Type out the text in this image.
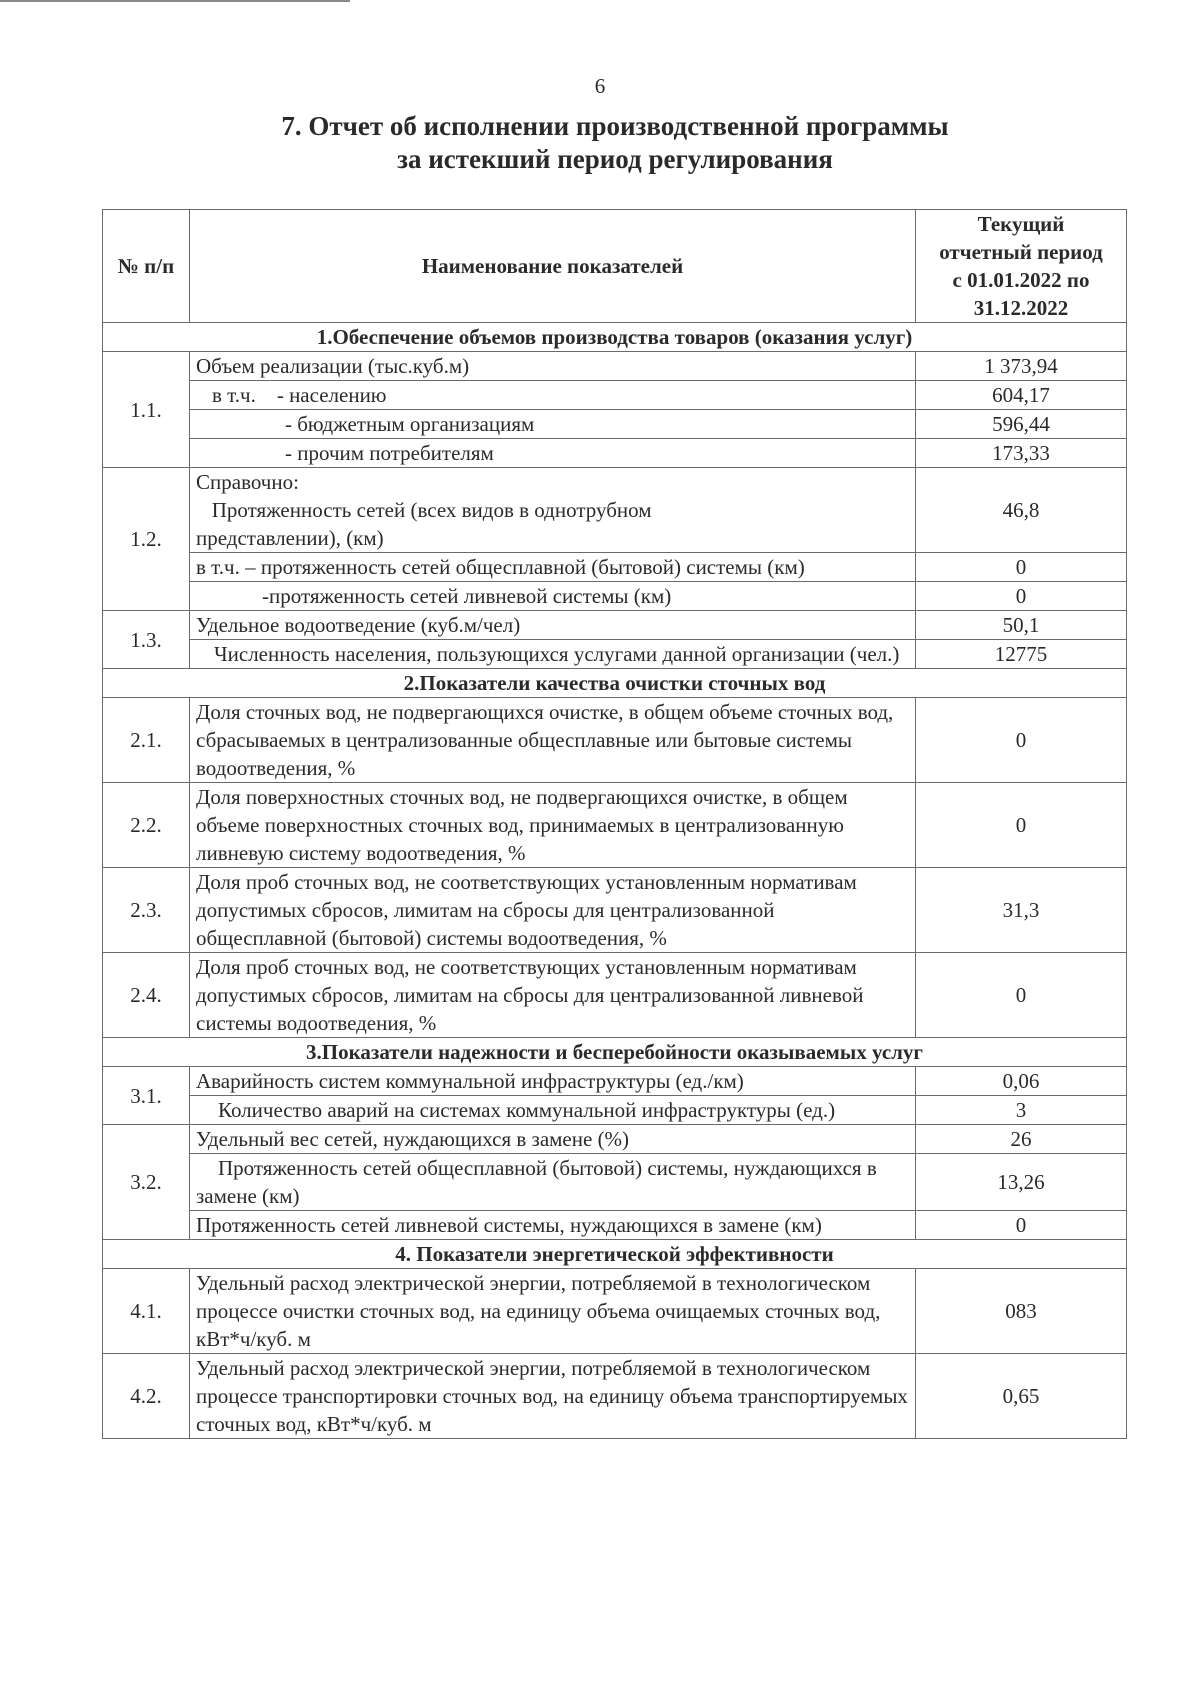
6
7. Отчет об исполнении производственной программы
за истекший период регулирования
№ п/п	Наименование показателей	Текущий
отчетный период
с 01.01.2022 по
31.12.2022

1.Обеспечение объемов производства товаров (оказания услуг)		
1.1.	Объем реализации (тыс.куб.м)	1 373,94
	в т.ч.    - населению	604,17
	- бюджетным организациям	596,44
	- прочим потребителям	173,33
1.2.	Справочно:
Протяженность сетей (всех видов в однотрубном
представлении), (км)	46,8
	в т.ч. – протяженность сетей общесплавной (бытовой) системы (км)	0
	-протяженность сетей ливневой системы (км)	0
1.3.	Удельное водоотведение (куб.м/чел)	50,1
	Численность населения, пользующихся услугами данной организации (чел.)	12775
2.Показатели качества очистки сточных вод		
2.1.	Доля сточных вод, не подвергающихся очистке, в общем объеме сточных вод, сбрасываемых в централизованные общесплавные или бытовые системы водоотведения, %	0
2.2.	Доля поверхностных сточных вод, не подвергающихся очистке, в общем объеме поверхностных сточных вод, принимаемых в централизованную ливневую систему водоотведения, %	0
2.3.	Доля проб сточных вод, не соответствующих установленным нормативам допустимых сбросов, лимитам на сбросы для централизованной общесплавной (бытовой) системы водоотведения, %	31,3
2.4.	Доля проб сточных вод, не соответствующих установленным нормативам допустимых сбросов, лимитам на сбросы для централизованной ливневой системы водоотведения, %	0
3.Показатели надежности и бесперебойности оказываемых услуг		
3.1.	Аварийность систем коммунальной инфраструктуры (ед./км)	0,06
	Количество аварий на системах коммунальной инфраструктуры (ед.)	3
3.2.	Удельный вес сетей, нуждающихся в замене (%)	26
	Протяженность сетей общесплавной (бытовой) системы, нуждающихся в замене (км)	13,26
	Протяженность сетей ливневой системы, нуждающихся в замене (км)	0
4. Показатели энергетической эффективности		
4.1.	Удельный расход электрической энергии, потребляемой в технологическом процессе очистки сточных вод, на единицу объема очищаемых сточных вод, кВт*ч/куб. м	083
4.2.	Удельный расход электрической энергии, потребляемой в технологическом процессе транспортировки сточных вод, на единицу объема транспортируемых сточных вод, кВт*ч/куб. м	0,65
